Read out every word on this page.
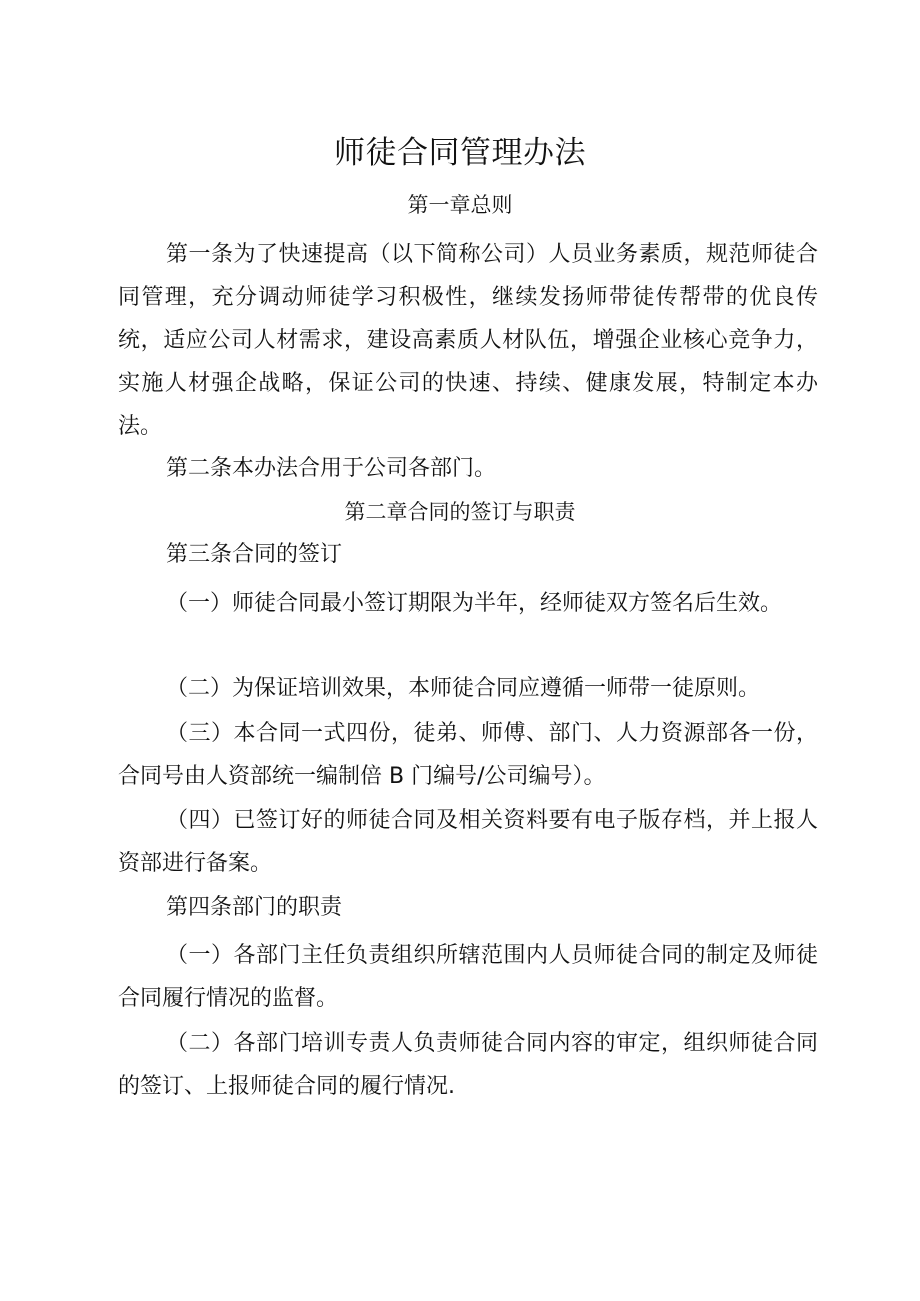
师徒合同管理办法
第一章总则

第一条为了快速提高（以下简称公司）人员业务素质，规范师徒合同管理，充分调动师徒学习积极性，继续发扬师带徒传帮带的优良传统，适应公司人材需求，建设高素质人材队伍，增强企业核心竞争力，实施人材强企战略，保证公司的快速、持续、健康发展，特制定本办法。

第二条本办法合用于公司各部门。
第二章合同的签订与职责
第三条合同的签订

（一）师徒合同最小签订期限为半年，经师徒双方签名后生效。

（二）为保证培训效果，本师徒合同应遵循一师带一徒原则。

（三）本合同一式四份，徒弟、师傅、部门、人力资源部各一份，合同号由人资部统一编制倍 B 门编号/公司编号）。

（四）已签订好的师徒合同及相关资料要有电子版存档，并上报人资部进行备案。

第四条部门的职责

（一）各部门主任负责组织所辖范围内人员师徒合同的制定及师徒合同履行情况的监督。

（二）各部门培训专责人负责师徒合同内容的审定，组织师徒合同的签订、上报师徒合同的履行情况.
